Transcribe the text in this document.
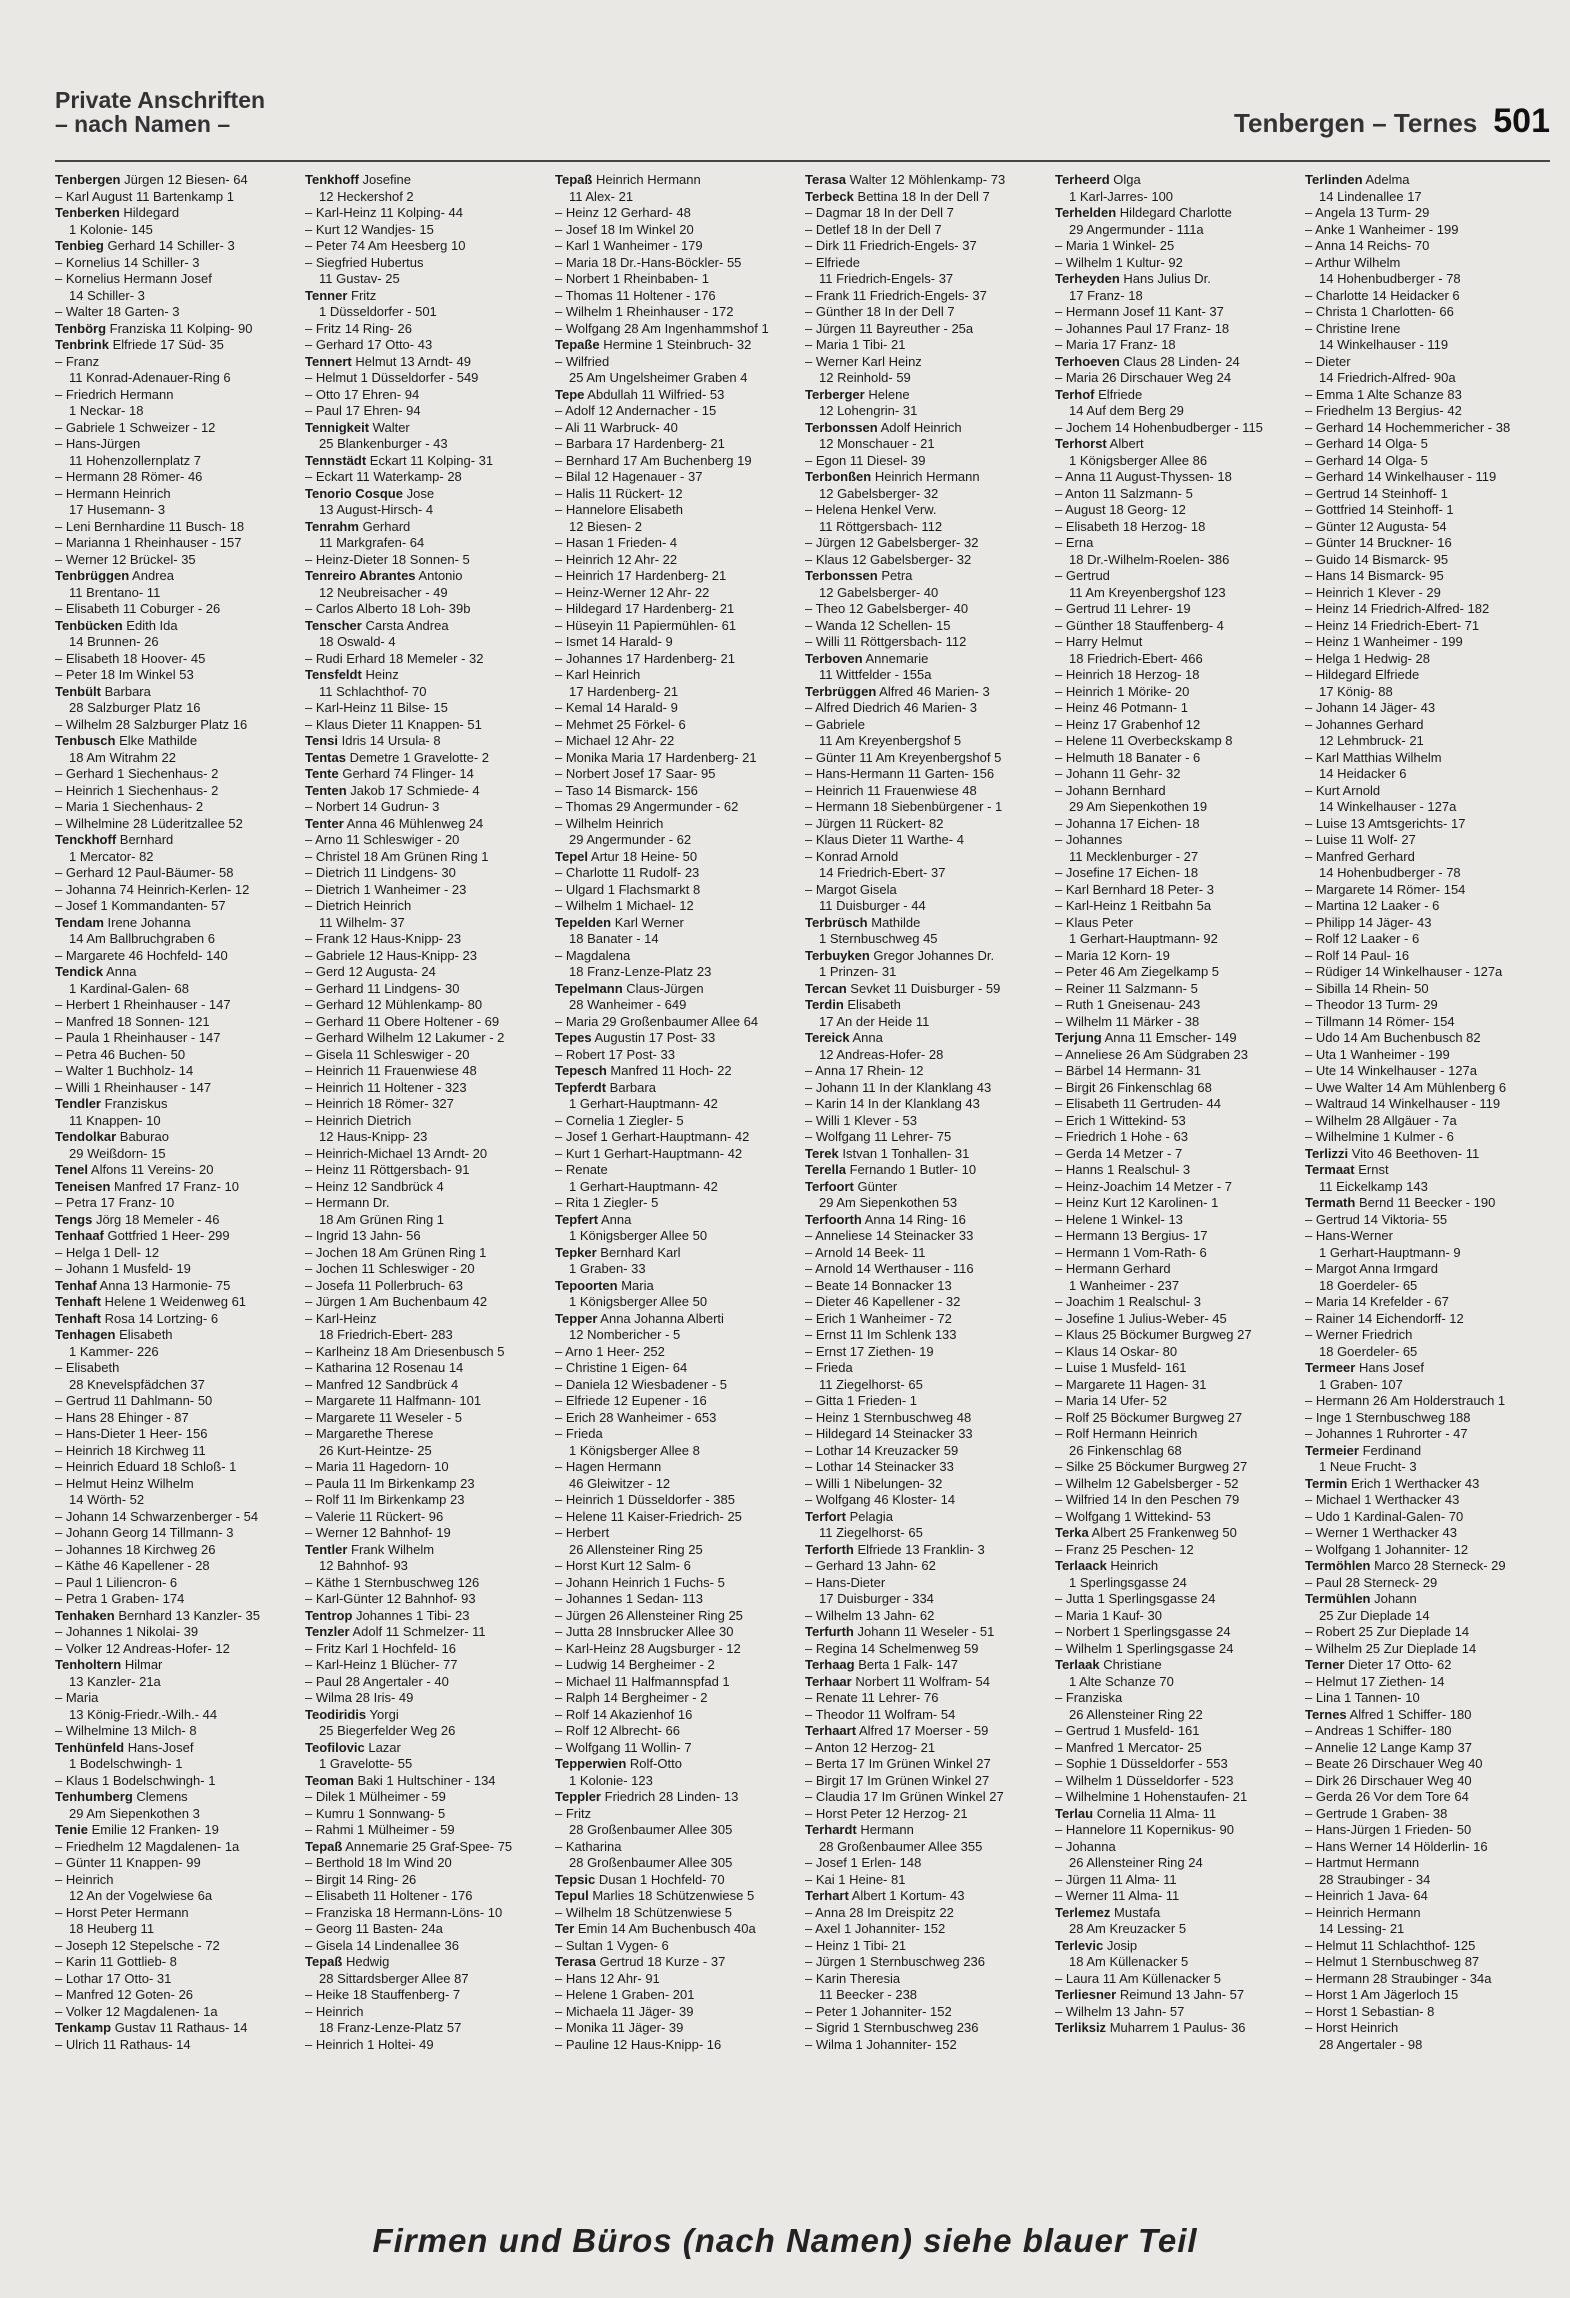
Private Anschriften
– nach Namen –	Tenbergen – Ternes 501
Tenbergen Jürgen 12 Biesen- 64
– Karl August 11 Bartenkamp 1
Tenberken Hildegard
1 Kolonie- 145
Tenbieg Gerhard 14 Schiller- 3
– Kornelius 14 Schiller- 3
– Kornelius Hermann Josef
14 Schiller- 3
– Walter 18 Garten- 3
Tenbörg Franziska 11 Kolping- 90
Tenbrink Elfriede 17 Süd- 35
– Franz
11 Konrad-Adenauer-Ring 6
– Friedrich Hermann
1 Neckar- 18
– Gabriele 1 Schweizer - 12
– Hans-Jürgen
11 Hohenzollernplatz 7
– Hermann 28 Römer- 46
– Hermann Heinrich
17 Husemann- 3
– Leni Bernhardine 11 Busch- 18
– Marianna 1 Rheinhauser - 157
– Werner 12 Brückel- 35
Tenbrüggen Andrea
11 Brentano- 11
– Elisabeth 11 Coburger - 26
Tenbücken Edith Ida
14 Brunnen- 26
– Elisabeth 18 Hoover- 45
– Peter 18 Im Winkel 53
Tenbült Barbara
28 Salzburger Platz 16
– Wilhelm 28 Salzburger Platz 16
Tenbusch Elke Mathilde
18 Am Witrahm 22
– Gerhard 1 Siechenhaus- 2
– Heinrich 1 Siechenhaus- 2
– Maria 1 Siechenhaus- 2
– Wilhelmine 28 Lüderitzallee 52
Tenckhoff Bernhard
1 Mercator- 82
– Gerhard 12 Paul-Bäumer- 58
– Johanna 74 Heinrich-Kerlen- 12
– Josef 1 Kommandanten- 57
Tendam Irene Johanna
14 Am Ballbruchgraben 6
– Margarete 46 Hochfeld- 140
Tendick Anna
1 Kardinal-Galen- 68
– Herbert 1 Rheinhauser - 147
– Manfred 18 Sonnen- 121
– Paula 1 Rheinhauser - 147
– Petra 46 Buchen- 50
– Walter 1 Buchholz- 14
– Willi 1 Rheinhauser - 147
Tendler Franziskus
11 Knappen- 10
Tendolkar Baburao
29 Weißdorn- 15
Tenel Alfons 11 Vereins- 20
Teneisen Manfred 17 Franz- 10
– Petra 17 Franz- 10
Tengs Jörg 18 Memeler - 46
Tenhaaf Gottfried 1 Heer- 299
– Helga 1 Dell- 12
– Johann 1 Musfeld- 19
Tenhaf Anna 13 Harmonie- 75
Tenhaft Helene 1 Weidenweg 61
Tenhaft Rosa 14 Lortzing- 6
Tenhagen Elisabeth
1 Kammer- 226
– Elisabeth
28 Knevelspfädchen 37
– Gertrud 11 Dahlmann- 50
– Hans 28 Ehinger - 87
– Hans-Dieter 1 Heer- 156
– Heinrich 18 Kirchweg 11
– Heinrich Eduard 18 Schloß- 1
– Helmut Heinz Wilhelm
14 Wörth- 52
– Johann 14 Schwarzenberger - 54
– Johann Georg 14 Tillmann- 3
– Johannes 18 Kirchweg 26
– Käthe 46 Kapellener - 28
– Paul 1 Liliencron- 6
– Petra 1 Graben- 174
Tenhaken Bernhard 13 Kanzler- 35
– Johannes 1 Nikolai- 39
– Volker 12 Andreas-Hofer- 12
Tenholtern Hilmar
13 Kanzler- 21a
– Maria
13 König-Friedr.-Wilh.- 44
– Wilhelmine 13 Milch- 8
Tenhünfeld Hans-Josef
1 Bodelschwingh- 1
– Klaus 1 Bodelschwingh- 1
Tenhumberg Clemens
29 Am Siepenkothen 3
Tenie Emilie 12 Franken- 19
– Friedhelm 12 Magdalenen- 1a
– Günter 11 Knappen- 99
– Heinrich
12 An der Vogelwiese 6a
– Horst Peter Hermann
18 Heuberg 11
– Joseph 12 Stepelsche - 72
– Karin 11 Gottlieb- 8
– Lothar 17 Otto- 31
– Manfred 12 Goten- 26
– Volker 12 Magdalenen- 1a
Tenkamp Gustav 11 Rathaus- 14
– Ulrich 11 Rathaus- 14
Tenkhoff Josefine
12 Heckershof 2
– Karl-Heinz 11 Kolping- 44
– Kurt 12 Wandjes- 15
– Peter 74 Am Heesberg 10
– Siegfried Hubertus
11 Gustav- 25
Tenner Fritz
1 Düsseldorfer - 501
– Fritz 14 Ring- 26
– Gerhard 17 Otto- 43
Tennert Helmut 13 Arndt- 49
– Helmut 1 Düsseldorfer - 549
– Otto 17 Ehren- 94
– Paul 17 Ehren- 94
Tennigkeit Walter
25 Blankenburger - 43
Tennstädt Eckart 11 Kolping- 31
– Eckart 11 Waterkamp- 28
Tenorio Cosque Jose
13 August-Hirsch- 4
Tenrahm Gerhard
11 Markgrafen- 64
– Heinz-Dieter 18 Sonnen- 5
Tenreiro Abrantes Antonio
12 Neubreisacher - 49
– Carlos Alberto 18 Loh- 39b
Tenscher Carsta Andrea
18 Oswald- 4
– Rudi Erhard 18 Memeler - 32
Tensfeldt Heinz
11 Schlachthof- 70
– Karl-Heinz 11 Bilse- 15
– Klaus Dieter 11 Knappen- 51
Tensi Idris 14 Ursula- 8
Tentas Demetre 1 Gravelotte- 2
Tente Gerhard 74 Flinger- 14
Tenten Jakob 17 Schmiede- 4
– Norbert 14 Gudrun- 3
Tenter Anna 46 Mühlenweg 24
– Arno 11 Schleswiger - 20
– Christel 18 Am Grünen Ring 1
– Dietrich 11 Lindgens- 30
– Dietrich 1 Wanheimer - 23
– Dietrich Heinrich
11 Wilhelm- 37
– Frank 12 Haus-Knipp- 23
– Gabriele 12 Haus-Knipp- 23
– Gerd 12 Augusta- 24
– Gerhard 11 Lindgens- 30
– Gerhard 12 Mühlenkamp- 80
– Gerhard 11 Obere Holtener - 69
– Gerhard Wilhelm 12 Lakumer - 2
– Gisela 11 Schleswiger - 20
– Heinrich 11 Frauenwiese 48
– Heinrich 11 Holtener - 323
– Heinrich 18 Römer- 327
– Heinrich Dietrich
12 Haus-Knipp- 23
– Heinrich-Michael 13 Arndt- 20
– Heinz 11 Röttgersbach- 91
– Heinz 12 Sandbrück 4
– Hermann Dr.
18 Am Grünen Ring 1
– Ingrid 13 Jahn- 56
– Jochen 18 Am Grünen Ring 1
– Jochen 11 Schleswiger - 20
– Josefa 11 Pollerbruch- 63
– Jürgen 1 Am Buchenbaum 42
– Karl-Heinz
18 Friedrich-Ebert- 283
– Karlheinz 18 Am Driesenbusch 5
– Katharina 12 Rosenau 14
– Manfred 12 Sandbrück 4
– Margarete 11 Halfmann- 101
– Margarete 11 Weseler - 5
– Margarethe Therese
26 Kurt-Heintze- 25
– Maria 11 Hagedorn- 10
– Paula 11 Im Birkenkamp 23
– Rolf 11 Im Birkenkamp 23
– Valerie 11 Rückert- 96
– Werner 12 Bahnhof- 19
Tentler Frank Wilhelm
12 Bahnhof- 93
– Käthe 1 Sternbuschweg 126
– Karl-Günter 12 Bahnhof- 93
Tentrop Johannes 1 Tibi- 23
Tenzler Adolf 11 Schmelzer- 11
– Fritz Karl 1 Hochfeld- 16
– Karl-Heinz 1 Blücher- 77
– Paul 28 Angertaler - 40
– Wilma 28 Iris- 49
Teodiridis Yorgi
25 Biegerfelder Weg 26
Teofilovic Lazar
1 Gravelotte- 55
Teoman Baki 1 Hultschiner - 134
– Dilek 1 Mülheimer - 59
– Kumru 1 Sonnwang- 5
– Rahmi 1 Mülheimer - 59
Tepaß Annemarie 25 Graf-Spee- 75
– Berthold 18 Im Wind 20
– Birgit 14 Ring- 26
– Elisabeth 11 Holtener - 176
– Franziska 18 Hermann-Löns- 10
– Georg 11 Basten- 24a
– Gisela 14 Lindenallee 36
Tepaß Hedwig
28 Sittardsberger Allee 87
– Heike 18 Stauffenberg- 7
– Heinrich
18 Franz-Lenze-Platz 57
– Heinrich 1 Holtei- 49
Tepaß Heinrich Hermann
11 Alex- 21
– Heinz 12 Gerhard- 48
– Josef 18 Im Winkel 20
– Karl 1 Wanheimer - 179
– Maria 18 Dr.-Hans-Böckler- 55
– Norbert 1 Rheinbaben- 1
– Thomas 11 Holtener - 176
– Wilhelm 1 Rheinhauser - 172
– Wolfgang 28 Am Ingenhammshof 1
Tepaße Hermine 1 Steinbruch- 32
– Wilfried
25 Am Ungelsheimer Graben 4
Tepe Abdullah 11 Wilfried- 53
– Adolf 12 Andernacher - 15
– Ali 11 Warbruck- 40
– Barbara 17 Hardenberg- 21
– Bernhard 17 Am Buchenberg 19
– Bilal 12 Hagenauer - 37
– Halis 11 Rückert- 12
– Hannelore Elisabeth
12 Biesen- 2
– Hasan 1 Frieden- 4
– Heinrich 12 Ahr- 22
– Heinrich 17 Hardenberg- 21
– Heinz-Werner 12 Ahr- 22
– Hildegard 17 Hardenberg- 21
– Hüseyin 11 Papiermühlen- 61
– Ismet 14 Harald- 9
– Johannes 17 Hardenberg- 21
– Karl Heinrich
17 Hardenberg- 21
– Kemal 14 Harald- 9
– Mehmet 25 Förkel- 6
– Michael 12 Ahr- 22
– Monika Maria 17 Hardenberg- 21
– Norbert Josef 17 Saar- 95
– Taso 14 Bismarck- 156
– Thomas 29 Angermunder - 62
– Wilhelm Heinrich
29 Angermunder - 62
Tepel Artur 18 Heine- 50
– Charlotte 11 Rudolf- 23
– Ulgard 1 Flachsmarkt 8
– Wilhelm 1 Michael- 12
Tepelden Karl Werner
18 Banater - 14
– Magdalena
18 Franz-Lenze-Platz 23
Tepelmann Claus-Jürgen
28 Wanheimer - 649
– Maria 29 Großenbaumer Allee 64
Tepes Augustin 17 Post- 33
– Robert 17 Post- 33
Tepesch Manfred 11 Hoch- 22
Tepferdt Barbara
1 Gerhart-Hauptmann- 42
– Cornelia 1 Ziegler- 5
– Josef 1 Gerhart-Hauptmann- 42
– Kurt 1 Gerhart-Hauptmann- 42
– Renate
1 Gerhart-Hauptmann- 42
– Rita 1 Ziegler- 5
Tepfert Anna
1 Königsberger Allee 50
Tepker Bernhard Karl
1 Graben- 33
Tepoorten Maria
1 Königsberger Allee 50
Tepper Anna Johanna Alberti
12 Nombericher - 5
– Arno 1 Heer- 252
– Christine 1 Eigen- 64
– Daniela 12 Wiesbadener - 5
– Elfriede 12 Eupener - 16
– Erich 28 Wanheimer - 653
– Frieda
1 Königsberger Allee 8
– Hagen Hermann
46 Gleiwitzer - 12
– Heinrich 1 Düsseldorfer - 385
– Helene 11 Kaiser-Friedrich- 25
– Herbert
26 Allensteiner Ring 25
– Horst Kurt 12 Salm- 6
– Johann Heinrich 1 Fuchs- 5
– Johannes 1 Sedan- 113
– Jürgen 26 Allensteiner Ring 25
– Jutta 28 Innsbrucker Allee 30
– Karl-Heinz 28 Augsburger - 12
– Ludwig 14 Bergheimer - 2
– Michael 11 Halfmannspfad 1
– Ralph 14 Bergheimer - 2
– Rolf 14 Akazienhof 16
– Rolf 12 Albrecht- 66
– Wolfgang 11 Wollin- 7
Tepperwien Rolf-Otto
1 Kolonie- 123
Teppler Friedrich 28 Linden- 13
– Fritz
28 Großenbaumer Allee 305
– Katharina
28 Großenbaumer Allee 305
Tepsic Dusan 1 Hochfeld- 70
Tepul Marlies 18 Schützenwiese 5
– Wilhelm 18 Schützenwiese 5
Ter Emin 14 Am Buchenbusch 40a
– Sultan 1 Vygen- 6
Terasa Gertrud 18 Kurze - 37
– Hans 12 Ahr- 91
– Helene 1 Graben- 201
– Michaela 11 Jäger- 39
– Monika 11 Jäger- 39
– Pauline 12 Haus-Knipp- 16
Terasa Walter 12 Möhlenkamp- 73
Terbeck Bettina 18 In der Dell 7
– Dagmar 18 In der Dell 7
– Detlef 18 In der Dell 7
– Dirk 11 Friedrich-Engels- 37
– Elfriede
11 Friedrich-Engels- 37
– Frank 11 Friedrich-Engels- 37
– Günther 18 In der Dell 7
– Jürgen 11 Bayreuther - 25a
– Maria 1 Tibi- 21
– Werner Karl Heinz
12 Reinhold- 59
Terberger Helene
12 Lohengrin- 31
Terbonssen Adolf Heinrich
12 Monschauer - 21
– Egon 11 Diesel- 39
Terbonßen Heinrich Hermann
12 Gabelsberger- 32
– Helena Henkel Verw.
11 Röttgersbach- 112
– Jürgen 12 Gabelsberger- 32
– Klaus 12 Gabelsberger- 32
Terbonssen Petra
12 Gabelsberger- 40
– Theo 12 Gabelsberger- 40
– Wanda 12 Schellen- 15
– Willi 11 Röttgersbach- 112
Terboven Annemarie
11 Wittfelder - 155a
Terbrüggen Alfred 46 Marien- 3
– Alfred Diedrich 46 Marien- 3
– Gabriele
11 Am Kreyenbergshof 5
– Günter 11 Am Kreyenbergshof 5
– Hans-Hermann 11 Garten- 156
– Heinrich 11 Frauenwiese 48
– Hermann 18 Siebenbürgener - 1
– Jürgen 11 Rückert- 82
– Klaus Dieter 11 Warthe- 4
– Konrad Arnold
14 Friedrich-Ebert- 37
– Margot Gisela
11 Duisburger - 44
Terbrüsch Mathilde
1 Sternbuschweg 45
Terbuyken Gregor Johannes Dr.
1 Prinzen- 31
Tercan Sevket 11 Duisburger - 59
Terdin Elisabeth
17 An der Heide 11
Tereick Anna
12 Andreas-Hofer- 28
– Anna 17 Rhein- 12
– Johann 11 In der Klanklang 43
– Karin 14 In der Klanklang 43
– Willi 1 Klever - 53
– Wolfgang 11 Lehrer- 75
Terek Istvan 1 Tonhallen- 31
Terella Fernando 1 Butler- 10
Terfoort Günter
29 Am Siepenkothen 53
Terfoorth Anna 14 Ring- 16
– Anneliese 14 Steinacker 33
– Arnold 14 Beek- 11
– Arnold 14 Werthauser - 116
– Beate 14 Bonnacker 13
– Dieter 46 Kapellener - 32
– Erich 1 Wanheimer - 72
– Ernst 11 Im Schlenk 133
– Ernst 17 Ziethen- 19
– Frieda
11 Ziegelhorst- 65
– Gitta 1 Frieden- 1
– Heinz 1 Sternbuschweg 48
– Hildegard 14 Steinacker 33
– Lothar 14 Kreuzacker 59
– Lothar 14 Steinacker 33
– Willi 1 Nibelungen- 32
– Wolfgang 46 Kloster- 14
Terfort Pelagia
11 Ziegelhorst- 65
Terforth Elfriede 13 Franklin- 3
– Gerhard 13 Jahn- 62
– Hans-Dieter
17 Duisburger - 334
– Wilhelm 13 Jahn- 62
Terfurth Johann 11 Weseler - 51
– Regina 14 Schelmenweg 59
Terhaag Berta 1 Falk- 147
Terhaar Norbert 11 Wolfram- 54
– Renate 11 Lehrer- 76
– Theodor 11 Wolfram- 54
Terhaart Alfred 17 Moerser - 59
– Anton 12 Herzog- 21
– Berta 17 Im Grünen Winkel 27
– Birgit 17 Im Grünen Winkel 27
– Claudia 17 Im Grünen Winkel 27
– Horst Peter 12 Herzog- 21
Terhardt Hermann
28 Großenbaumer Allee 355
– Josef 1 Erlen- 148
– Kai 1 Heine- 81
Terhart Albert 1 Kortum- 43
– Anna 28 Im Dreispitz 22
– Axel 1 Johanniter- 152
– Heinz 1 Tibi- 21
– Jürgen 1 Sternbuschweg 236
– Karin Theresia
11 Beecker - 238
– Peter 1 Johanniter- 152
– Sigrid 1 Sternbuschweg 236
– Wilma 1 Johanniter- 152
Terheerd Olga
1 Karl-Jarres- 100
Terhelden Hildegard Charlotte
29 Angermunder - 111a
– Maria 1 Winkel- 25
– Wilhelm 1 Kultur- 92
Terheyden Hans Julius Dr.
17 Franz- 18
– Hermann Josef 11 Kant- 37
– Johannes Paul 17 Franz- 18
– Maria 17 Franz- 18
Terhoeven Claus 28 Linden- 24
– Maria 26 Dirschauer Weg 24
Terhof Elfriede
14 Auf dem Berg 29
– Jochem 14 Hohenbudberger - 115
Terhorst Albert
1 Königsberger Allee 86
– Anna 11 August-Thyssen- 18
– Anton 11 Salzmann- 5
– August 18 Georg- 12
– Elisabeth 18 Herzog- 18
– Erna
18 Dr.-Wilhelm-Roelen- 386
– Gertrud
11 Am Kreyenbergshof 123
– Gertrud 11 Lehrer- 19
– Günther 18 Stauffenberg- 4
– Harry Helmut
18 Friedrich-Ebert- 466
– Heinrich 18 Herzog- 18
– Heinrich 1 Mörike- 20
– Heinz 46 Potmann- 1
– Heinz 17 Grabenhof 12
– Helene 11 Overbeckskamp 8
– Helmuth 18 Banater - 6
– Johann 11 Gehr- 32
– Johann Bernhard
29 Am Siepenkothen 19
– Johanna 17 Eichen- 18
– Johannes
11 Mecklenburger - 27
– Josefine 17 Eichen- 18
– Karl Bernhard 18 Peter- 3
– Karl-Heinz 1 Reitbahn 5a
– Klaus Peter
1 Gerhart-Hauptmann- 92
– Maria 12 Korn- 19
– Peter 46 Am Ziegelkamp 5
– Reiner 11 Salzmann- 5
– Ruth 1 Gneisenau- 243
– Wilhelm 11 Märker - 38
Terjung Anna 11 Emscher- 149
– Anneliese 26 Am Südgraben 23
– Bärbel 14 Hermann- 31
– Birgit 26 Finkenschlag 68
– Elisabeth 11 Gertruden- 44
– Erich 1 Wittekind- 53
– Friedrich 1 Hohe - 63
– Gerda 14 Metzer - 7
– Hanns 1 Realschul- 3
– Heinz-Joachim 14 Metzer - 7
– Heinz Kurt 12 Karolinen- 1
– Helene 1 Winkel- 13
– Hermann 13 Bergius- 17
– Hermann 1 Vom-Rath- 6
– Hermann Gerhard
1 Wanheimer - 237
– Joachim 1 Realschul- 3
– Josefine 1 Julius-Weber- 45
– Klaus 25 Böckumer Burgweg 27
– Klaus 14 Oskar- 80
– Luise 1 Musfeld- 161
– Margarete 11 Hagen- 31
– Maria 14 Ufer- 52
– Rolf 25 Böckumer Burgweg 27
– Rolf Hermann Heinrich
26 Finkenschlag 68
– Silke 25 Böckumer Burgweg 27
– Wilhelm 12 Gabelsberger - 52
– Wilfried 14 In den Peschen 79
– Wolfgang 1 Wittekind- 53
Terka Albert 25 Frankenweg 50
– Franz 25 Peschen- 12
Terlaack Heinrich
1 Sperlingsgasse 24
– Jutta 1 Sperlingsgasse 24
– Maria 1 Kauf- 30
– Norbert 1 Sperlingsgasse 24
– Wilhelm 1 Sperlingsgasse 24
Terlaak Christiane
1 Alte Schanze 70
– Franziska
26 Allensteiner Ring 22
– Gertrud 1 Musfeld- 161
– Manfred 1 Mercator- 25
– Sophie 1 Düsseldorfer - 553
– Wilhelm 1 Düsseldorfer - 523
– Wilhelmine 1 Hohenstaufen- 21
Terlau Cornelia 11 Alma- 11
– Hannelore 11 Kopernikus- 90
– Johanna
26 Allensteiner Ring 24
– Jürgen 11 Alma- 11
– Werner 11 Alma- 11
Terlemez Mustafa
28 Am Kreuzacker 5
Terlevic Josip
18 Am Küllenacker 5
– Laura 11 Am Küllenacker 5
Terliesner Reimund 13 Jahn- 57
– Wilhelm 13 Jahn- 57
Terliksiz Muharrem 1 Paulus- 36
Terlinden Adelma
14 Lindenallee 17
– Angela 13 Turm- 29
– Anke 1 Wanheimer - 199
– Anna 14 Reichs- 70
– Arthur Wilhelm
14 Hohenbudberger - 78
– Charlotte 14 Heidacker 6
– Christa 1 Charlotten- 66
– Christine Irene
14 Winkelhauser - 119
– Dieter
14 Friedrich-Alfred- 90a
– Emma 1 Alte Schanze 83
– Friedhelm 13 Bergius- 42
– Gerhard 14 Hochemmericher - 38
– Gerhard 14 Olga- 5
– Gerhard 14 Olga- 5
– Gerhard 14 Winkelhauser - 119
– Gertrud 14 Steinhoff- 1
– Gottfried 14 Steinhoff- 1
– Günter 12 Augusta- 54
– Günter 14 Bruckner- 16
– Guido 14 Bismarck- 95
– Hans 14 Bismarck- 95
– Heinrich 1 Klever - 29
– Heinz 14 Friedrich-Alfred- 182
– Heinz 14 Friedrich-Ebert- 71
– Heinz 1 Wanheimer - 199
– Helga 1 Hedwig- 28
– Hildegard Elfriede
17 König- 88
– Johann 14 Jäger- 43
– Johannes Gerhard
12 Lehmbruck- 21
– Karl Matthias Wilhelm
14 Heidacker 6
– Kurt Arnold
14 Winkelhauser - 127a
– Luise 13 Amtsgerichts- 17
– Luise 11 Wolf- 27
– Manfred Gerhard
14 Hohenbudberger - 78
– Margarete 14 Römer- 154
– Martina 12 Laaker - 6
– Philipp 14 Jäger- 43
– Rolf 12 Laaker - 6
– Rolf 14 Paul- 16
– Rüdiger 14 Winkelhauser - 127a
– Sibilla 14 Rhein- 50
– Theodor 13 Turm- 29
– Tillmann 14 Römer- 154
– Udo 14 Am Buchenbusch 82
– Uta 1 Wanheimer - 199
– Ute 14 Winkelhauser - 127a
– Uwe Walter 14 Am Mühlenberg 6
– Waltraud 14 Winkelhauser - 119
– Wilhelm 28 Allgäuer - 7a
– Wilhelmine 1 Kulmer - 6
Terlizzi Vito 46 Beethoven- 11
Termaat Ernst
11 Eickelkamp 143
Termath Bernd 11 Beecker - 190
– Gertrud 14 Viktoria- 55
– Hans-Werner
1 Gerhart-Hauptmann- 9
– Margot Anna Irmgard
18 Goerdeler- 65
– Maria 14 Krefelder - 67
– Rainer 14 Eichendorff- 12
– Werner Friedrich
18 Goerdeler- 65
Termeer Hans Josef
1 Graben- 107
– Hermann 26 Am Holderstrauch 1
– Inge 1 Sternbuschweg 188
– Johannes 1 Ruhrorter - 47
Termeier Ferdinand
1 Neue Frucht- 3
Termin Erich 1 Werthacker 43
– Michael 1 Werthacker 43
– Udo 1 Kardinal-Galen- 70
– Werner 1 Werthacker 43
– Wolfgang 1 Johanniter- 12
Termöhlen Marco 28 Sterneck- 29
– Paul 28 Sterneck- 29
Termühlen Johann
25 Zur Dieplade 14
– Robert 25 Zur Dieplade 14
– Wilhelm 25 Zur Dieplade 14
Terner Dieter 17 Otto- 62
– Helmut 17 Ziethen- 14
– Lina 1 Tannen- 10
Ternes Alfred 1 Schiffer- 180
– Andreas 1 Schiffer- 180
– Annelie 12 Lange Kamp 37
– Beate 26 Dirschauer Weg 40
– Dirk 26 Dirschauer Weg 40
– Gerda 26 Vor dem Tore 64
– Gertrude 1 Graben- 38
– Hans-Jürgen 1 Frieden- 50
– Hans Werner 14 Hölderlin- 16
– Hartmut Hermann
28 Straubinger - 34
– Heinrich 1 Java- 64
– Heinrich Hermann
14 Lessing- 21
– Helmut 11 Schlachthof- 125
– Helmut 1 Sternbuschweg 87
– Hermann 28 Straubinger - 34a
– Horst 1 Am Jägerloch 15
– Horst 1 Sebastian- 8
– Horst Heinrich
28 Angertaler - 98
Firmen und Büros (nach Namen) siehe blauer Teil
